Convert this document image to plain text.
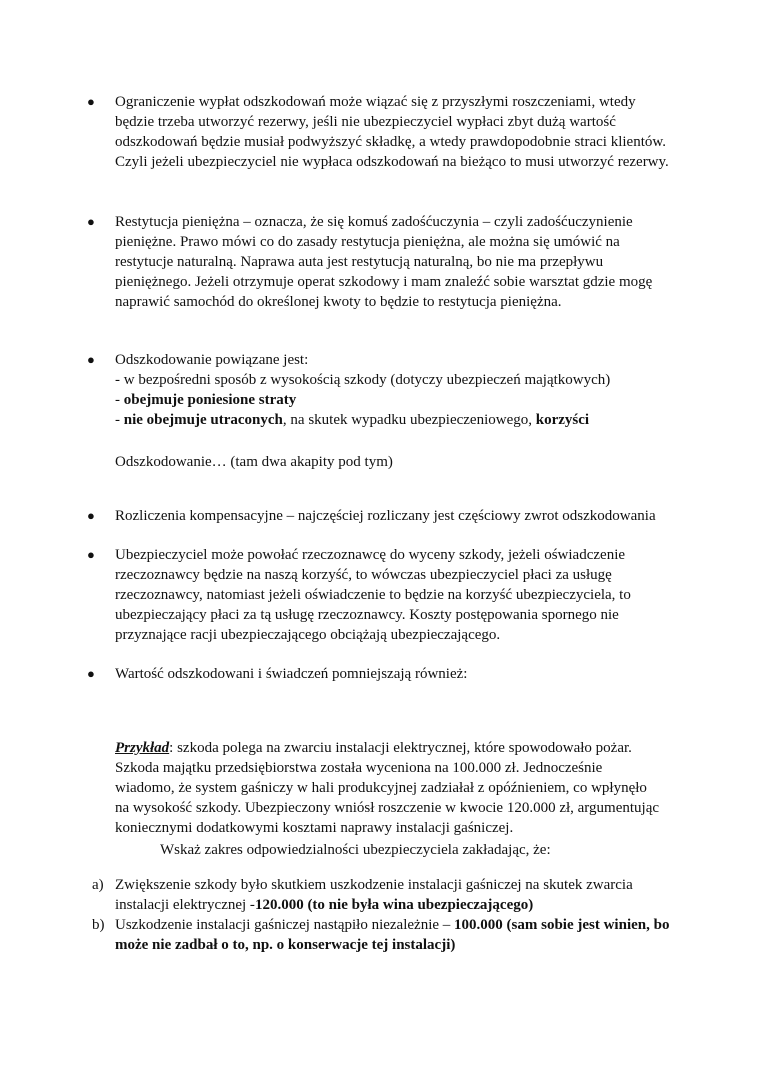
● Ograniczenie wypłat odszkodowań może wiązać się z przyszłymi roszczeniami, wtedy będzie trzeba utworzyć rezerwy, jeśli nie ubezpieczyciel wypłaci zbyt dużą wartość odszkodowań będzie musiał podwyższyć składkę, a wtedy prawdopodobnie straci klientów. Czyli jeżeli ubezpieczyciel nie wypłaca odszkodowań na bieżąco to musi utworzyć rezerwy.

● Restytucja pieniężna – oznacza, że się komuś zadośćuczynia – czyli zadośćuczynienie pieniężne. Prawo mówi co do zasady restytucja pieniężna, ale można się umówić na restytucje naturalną. Naprawa auta jest restytucją naturalną, bo nie ma przepływu pieniężnego. Jeżeli otrzymuje operat szkodowy i mam znaleźć sobie warsztat gdzie mogę naprawić samochód do określonej kwoty to będzie to restytucja pieniężna.

● Odszkodowanie powiązane jest:
- w bezpośredni sposób z wysokością szkody (dotyczy ubezpieczeń majątkowych)
- obejmuje poniesione straty
- nie obejmuje utraconych, na skutek wypadku ubezpieczeniowego, korzyści

Odszkodowanie… (tam dwa akapity pod tym)

● Rozliczenia kompensacyjne – najczęściej rozliczany jest częściowy zwrot odszkodowania

● Ubezpieczyciel może powołać rzeczoznawcę do wyceny szkody, jeżeli oświadczenie rzeczoznawcy będzie na naszą korzyść, to wówczas ubezpieczyciel płaci za usługę rzeczoznawcy, natomiast jeżeli oświadczenie to będzie na korzyść ubezpieczyciela, to ubezpieczający płaci za tą usługę rzeczoznawcy. Koszty postępowania spornego nie przyznające racji ubezpieczającego obciążają ubezpieczającego.

● Wartość odszkodowani i świadczeń pomniejszają również:

Przykład: szkoda polega na zwarciu instalacji elektrycznej, które spowodowało pożar. Szkoda majątku przedsiębiorstwa została wyceniona na 100.000 zł. Jednocześnie wiadomo, że system gaśniczy w hali produkcyjnej zadziałał z opóźnieniem, co wpłynęło na wysokość szkody. Ubezpieczony wniósł roszczenie w kwocie 120.000 zł, argumentując koniecznymi dodatkowymi kosztami naprawy instalacji gaśniczej.

Wskaż zakres odpowiedzialności ubezpieczyciela zakładając, że:

a) Zwiększenie szkody było skutkiem uszkodzenie instalacji gaśniczej na skutek zwarcia instalacji elektrycznej -120.000 (to nie była wina ubezpieczającego)

b) Uszkodzenie instalacji gaśniczej nastąpiło niezależnie – 100.000 (sam sobie jest winien, bo może nie zadbał o to, np. o konserwacje tej instalacji)
